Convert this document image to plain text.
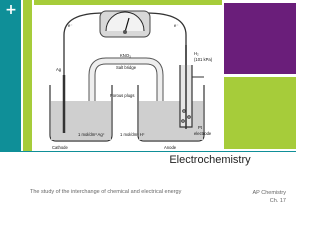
+
e⁻	e⁻
Ag
KNO₃
Salt bridge
H₂
(101 kPa)
Porous plugs
Cathode
1 mol/dm³ Ag⁺	1 mol/dm³ H⁺
Anode
Pt
electrode
Electrochemistry
The study of the interchange of chemical and electrical energy	AP Chemistry
Ch. 17
